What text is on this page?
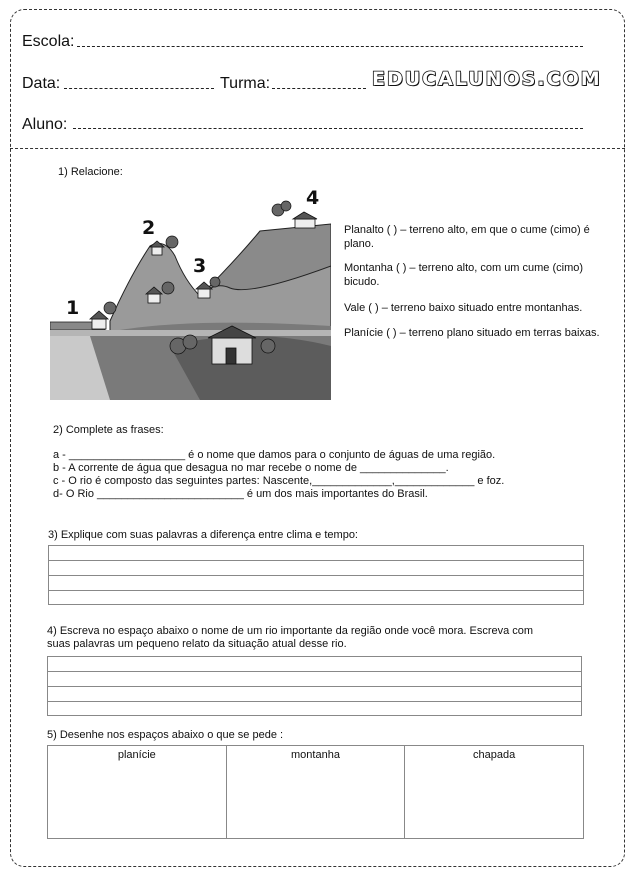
Escola:
Data:	Turma:	EDUCALUNOS.COM
Aluno:
1) Relacione:
1
2
3
4
Planalto ( ) – terreno alto, em que o cume (cimo) é plano.
Montanha ( ) – terreno alto, com um cume (cimo) bicudo.
Vale ( ) – terreno baixo situado entre montanhas.
Planície ( ) – terreno plano situado em terras baixas.
2) Complete as frases:
a - ___________________ é o nome que damos para o conjunto de águas de uma região.
b - A corrente de água que desagua no mar recebe o nome de ______________.
c - O rio é composto das seguintes partes: Nascente,_____________,_____________ e foz.
d- O Rio ________________________ é um dos mais importantes do Brasil.
3) Explique com suas palavras a diferença entre clima e tempo:
4) Escreva no espaço abaixo o nome de um rio importante da região onde você mora. Escreva com
suas palavras um pequeno relato da situação atual desse rio.
5) Desenhe nos espaços abaixo o que se pede :
planície	montanha	chapada
